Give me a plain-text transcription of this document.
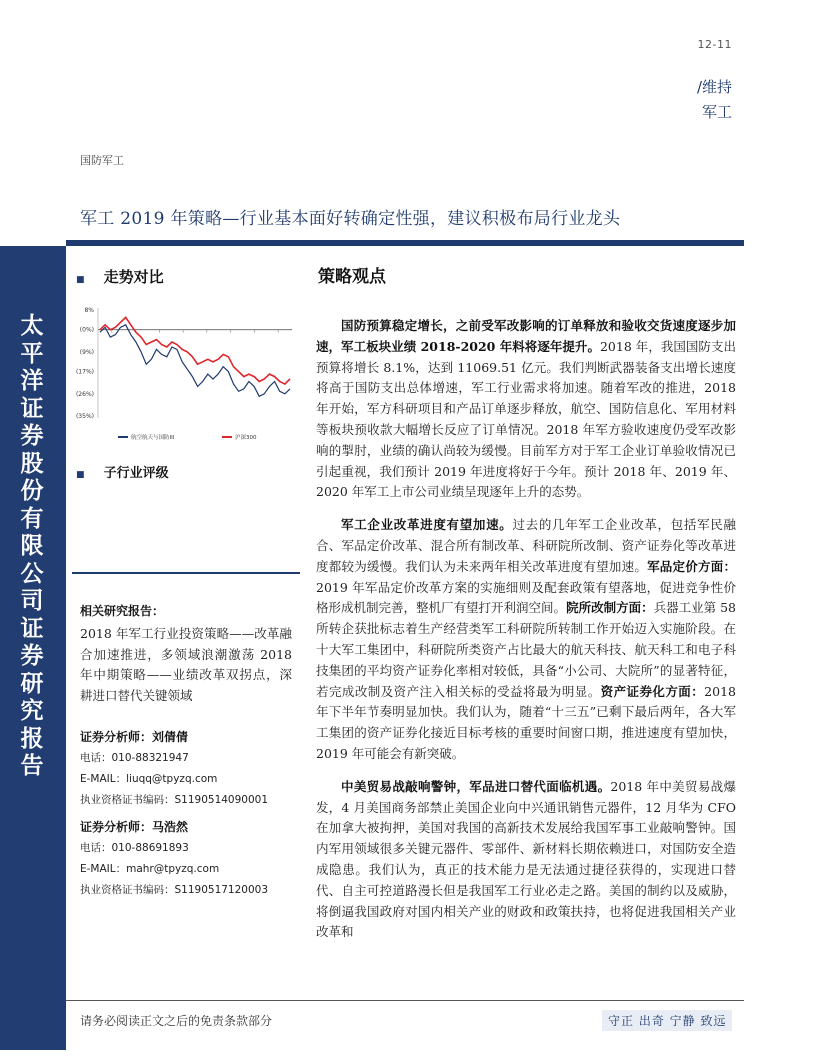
12-11
/维持
军工
国防军工
军工 2019 年策略—行业基本面好转确定性强，建议积极布局行业龙头
太平洋证券股份有限公司证券研究报告
■ 走势对比
8%
(0%)
(9%)
(17%)
(26%)
(35%)
航空航天与国防III	沪深300
■ 子行业评级
相关研究报告：
2018 年军工行业投资策略——改革融合加速推进，多领域浪潮激荡 2018 年中期策略——业绩改革双拐点，深耕进口替代关键领域
证券分析师：刘倩倩
电话：010-88321947
E-MAIL：liuqq@tpyzq.com
执业资格证书编码：S1190514090001
证券分析师：马浩然
电话：010-88691893
E-MAIL：mahr@tpyzq.com
执业资格证书编码：S1190517120003
策略观点

国防预算稳定增长，之前受军改影响的订单释放和验收交货速度逐步加速，军工板块业绩 2018-2020 年料将逐年提升。2018 年，我国国防支出预算将增长 8.1%，达到 11069.51 亿元。我们判断武器装备支出增长速度将高于国防支出总体增速，军工行业需求将加速。随着军改的推进，2018 年开始，军方科研项目和产品订单逐步释放，航空、国防信息化、军用材料等板块预收款大幅增长反应了订单情况。2018 年军方验收速度仍受军改影响的掣肘，业绩的确认尚较为缓慢。目前军方对于军工企业订单验收情况已引起重视，我们预计 2019 年进度将好于今年。预计 2018 年、2019 年、2020 年军工上市公司业绩呈现逐年上升的态势。

军工企业改革进度有望加速。过去的几年军工企业改革，包括军民融合、军品定价改革、混合所有制改革、科研院所改制、资产证券化等改革进度都较为缓慢。我们认为未来两年相关改革进度有望加速。军品定价方面：2019 年军品定价改革方案的实施细则及配套政策有望落地，促进竞争性价格形成机制完善，整机厂有望打开利润空间。院所改制方面：兵器工业第 58 所转企获批标志着生产经营类军工科研院所转制工作开始迈入实施阶段。在十大军工集团中，科研院所类资产占比最大的航天科技、航天科工和电子科技集团的平均资产证券化率相对较低，具备“小公司、大院所”的显著特征，若完成改制及资产注入相关标的受益将最为明显。资产证券化方面：2018 年下半年节奏明显加快。我们认为，随着“十三五”已剩下最后两年，各大军工集团的资产证券化接近目标考核的重要时间窗口期，推进速度有望加快，2019 年可能会有新突破。

中美贸易战敲响警钟，军品进口替代面临机遇。2018 年中美贸易战爆发，4 月美国商务部禁止美国企业向中兴通讯销售元器件，12 月华为 CFO 在加拿大被拘押，美国对我国的高新技术发展给我国军事工业敲响警钟。国内军用领域很多关键元器件、零部件、新材料长期依赖进口，对国防安全造成隐患。我们认为，真正的技术能力是无法通过捷径获得的，实现进口替代、自主可控道路漫长但是我国军工行业必走之路。美国的制约以及威胁，将倒逼我国政府对国内相关产业的财政和政策扶持，也将促进我国相关产业改革和

请务必阅读正文之后的免责条款部分	守正 出奇 宁静 致远
